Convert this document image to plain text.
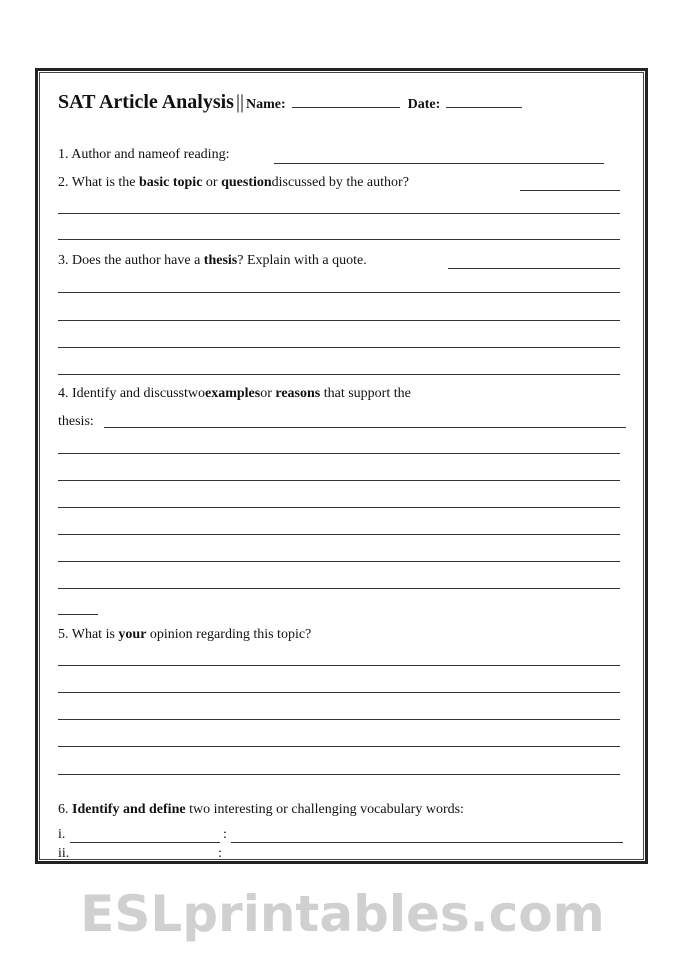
SAT Article Analysis || Name:	Date:
1. Author and nameof reading:
2. What is the basic topic or questiondiscussed by the author?
3. Does the author have a thesis? Explain with a quote.
4. Identify and discusstwoexamplesor reasons that support the
thesis:
5. What is your opinion regarding this topic?
6. Identify and define two interesting or challenging vocabulary words:
i.	:
ii.	:
ESLprintables.com
